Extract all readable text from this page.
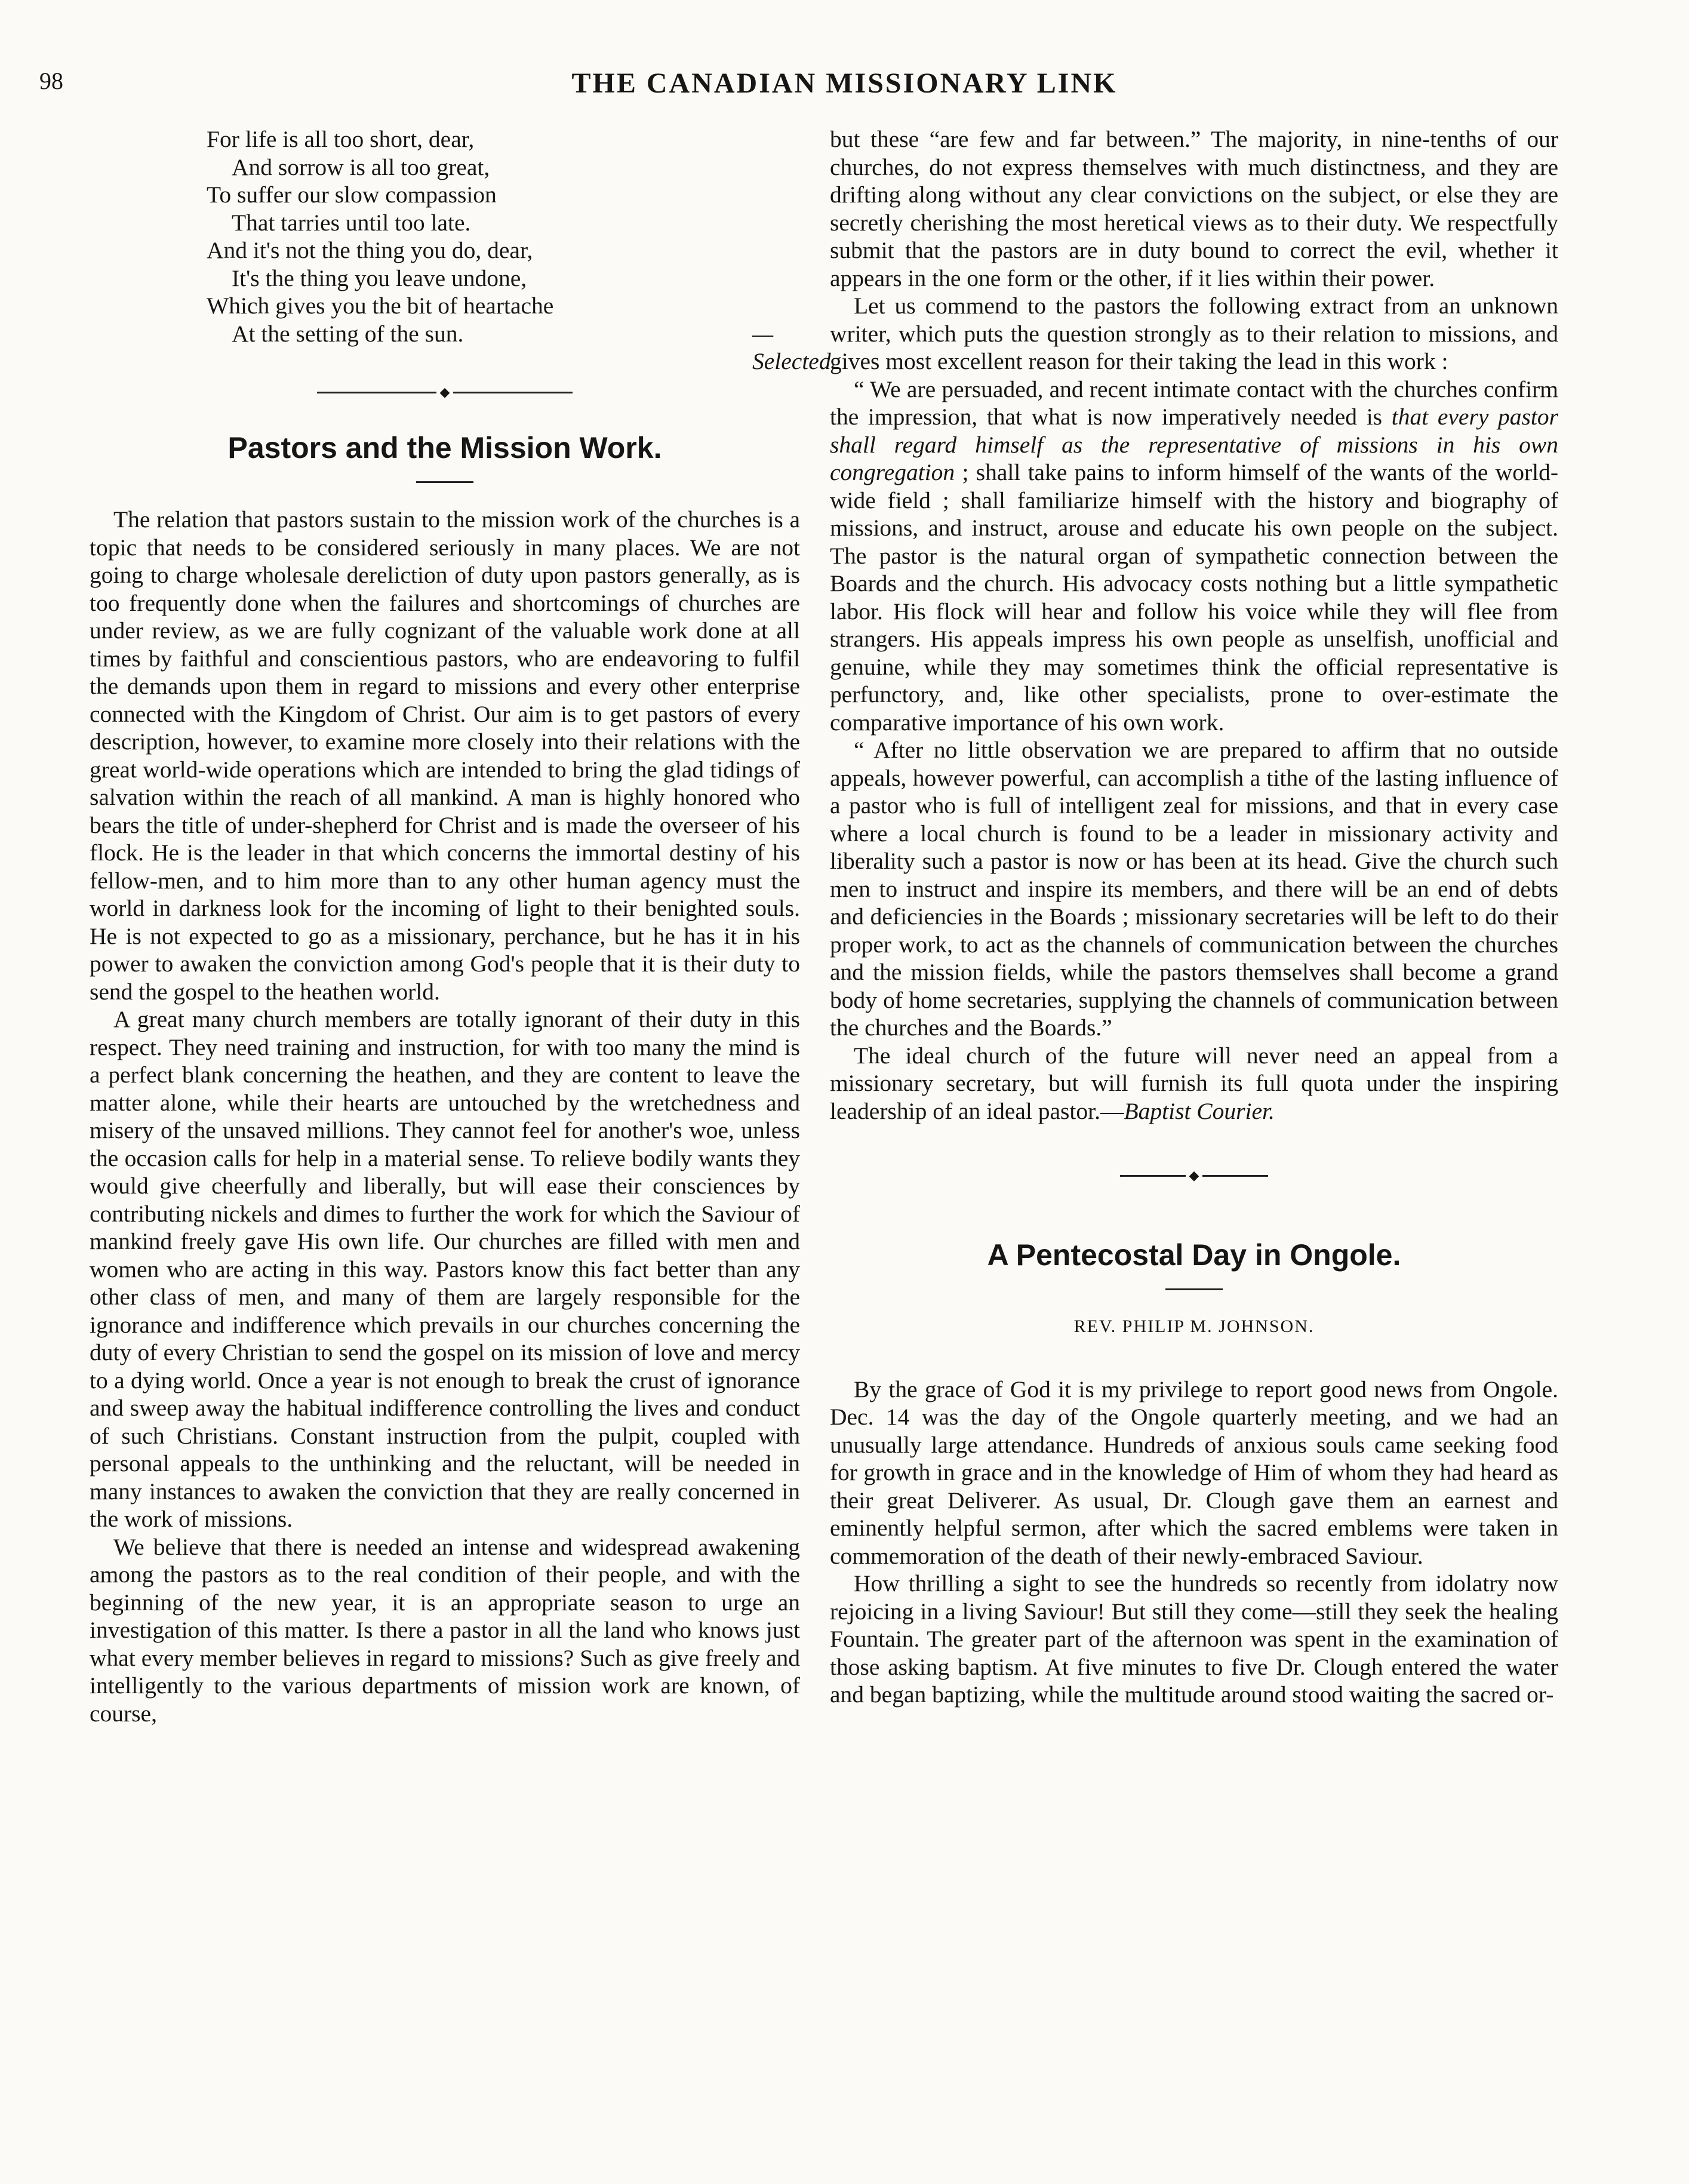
98	THE CANADIAN MISSIONARY LINK

For life is all too short, dear,

And sorrow is all too great,

To suffer our slow compassion

That tarries until too late.

And it's not the thing you do, dear,

It's the thing you leave undone,

Which gives you the bit of heartache

At the setting of the sun.	—Selected.

◆
Pastors and the Mission Work.

The relation that pastors sustain to the mission work of the churches is a topic that needs to be considered seriously in many places. We are not going to charge wholesale dereliction of duty upon pastors generally, as is too frequently done when the failures and shortcomings of churches are under review, as we are fully cognizant of the valuable work done at all times by faithful and conscientious pastors, who are endeavoring to fulfil the demands upon them in regard to missions and every other enterprise connected with the Kingdom of Christ. Our aim is to get pastors of every description, however, to examine more closely into their relations with the great world-wide operations which are intended to bring the glad tidings of salvation within the reach of all mankind. A man is highly honored who bears the title of under-shepherd for Christ and is made the overseer of his flock. He is the leader in that which concerns the immortal destiny of his fellow-men, and to him more than to any other human agency must the world in darkness look for the incoming of light to their benighted souls. He is not expected to go as a missionary, perchance, but he has it in his power to awaken the conviction among God's people that it is their duty to send the gospel to the heathen world.

A great many church members are totally ignorant of their duty in this respect. They need training and instruction, for with too many the mind is a perfect blank concerning the heathen, and they are content to leave the matter alone, while their hearts are untouched by the wretchedness and misery of the unsaved millions. They cannot feel for another's woe, unless the occasion calls for help in a material sense. To relieve bodily wants they would give cheerfully and liberally, but will ease their consciences by contributing nickels and dimes to further the work for which the Saviour of mankind freely gave His own life. Our churches are filled with men and women who are acting in this way. Pastors know this fact better than any other class of men, and many of them are largely responsible for the ignorance and indifference which prevails in our churches concerning the duty of every Christian to send the gospel on its mission of love and mercy to a dying world. Once a year is not enough to break the crust of ignorance and sweep away the habitual indifference controlling the lives and conduct of such Christians. Constant instruction from the pulpit, coupled with personal appeals to the unthinking and the reluctant, will be needed in many instances to awaken the conviction that they are really concerned in the work of missions.

We believe that there is needed an intense and widespread awakening among the pastors as to the real condition of their people, and with the beginning of the new year, it is an appropriate season to urge an investigation of this matter. Is there a pastor in all the land who knows just what every member believes in regard to missions? Such as give freely and intelligently to the various departments of mission work are known, of course,

but these “are few and far between.” The majority, in nine-tenths of our churches, do not express themselves with much distinctness, and they are drifting along without any clear convictions on the subject, or else they are secretly cherishing the most heretical views as to their duty. We respectfully submit that the pastors are in duty bound to correct the evil, whether it appears in the one form or the other, if it lies within their power.

Let us commend to the pastors the following extract from an unknown writer, which puts the question strongly as to their relation to missions, and gives most excellent reason for their taking the lead in this work :

“ We are persuaded, and recent intimate contact with the churches confirm the impression, that what is now imperatively needed is that every pastor shall regard himself as the representative of missions in his own congregation ; shall take pains to inform himself of the wants of the world-wide field ; shall familiarize himself with the history and biography of missions, and instruct, arouse and educate his own people on the subject. The pastor is the natural organ of sympathetic connection between the Boards and the church. His advocacy costs nothing but a little sympathetic labor. His flock will hear and follow his voice while they will flee from strangers. His appeals impress his own people as unselfish, unofficial and genuine, while they may sometimes think the official representative is perfunctory, and, like other specialists, prone to over-estimate the comparative importance of his own work.

“ After no little observation we are prepared to affirm that no outside appeals, however powerful, can accomplish a tithe of the lasting influence of a pastor who is full of intelligent zeal for missions, and that in every case where a local church is found to be a leader in missionary activity and liberality such a pastor is now or has been at its head. Give the church such men to instruct and inspire its members, and there will be an end of debts and deficiencies in the Boards ; missionary secretaries will be left to do their proper work, to act as the channels of communication between the churches and the mission fields, while the pastors themselves shall become a grand body of home secretaries, supplying the channels of communication between the churches and the Boards.”

The ideal church of the future will never need an appeal from a missionary secretary, but will furnish its full quota under the inspiring leadership of an ideal pastor.—Baptist Courier.

◆
A Pentecostal Day in Ongole.
REV. PHILIP M. JOHNSON.

By the grace of God it is my privilege to report good news from Ongole. Dec. 14 was the day of the Ongole quarterly meeting, and we had an unusually large attendance. Hundreds of anxious souls came seeking food for growth in grace and in the knowledge of Him of whom they had heard as their great Deliverer. As usual, Dr. Clough gave them an earnest and eminently helpful sermon, after which the sacred emblems were taken in commemoration of the death of their newly-embraced Saviour.

How thrilling a sight to see the hundreds so recently from idolatry now rejoicing in a living Saviour! But still they come—still they seek the healing Fountain. The greater part of the afternoon was spent in the examination of those asking baptism. At five minutes to five Dr. Clough entered the water and began baptizing, while the multitude around stood waiting the sacred or-
